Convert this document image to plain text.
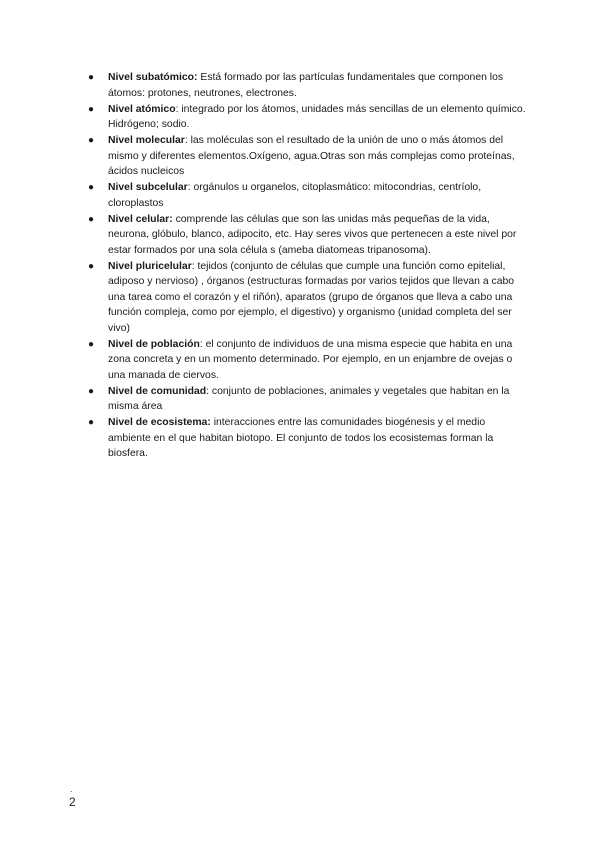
● Nivel subatómico: Está formado por las partículas fundamentales que componen los átomos: protones, neutrones, electrones.
● Nivel atómico: integrado por los átomos, unidades más sencillas de un elemento químico. Hidrógeno; sodio.
● Nivel molecular: las moléculas son el resultado de la unión de uno o más átomos del mismo y diferentes elementos.Oxígeno, agua.Otras son más complejas como proteínas, ácidos nucleicos
● Nivel subcelular: orgánulos u organelos, citoplasmático: mitocondrias, centríolo, cloroplastos
● Nivel celular: comprende las células que son las unidas más pequeñas de la vida, neurona, glóbulo, blanco, adipocito, etc. Hay seres vivos que pertenecen a este nivel por estar formados por una sola célula s (ameba diatomeas tripanosoma).
● Nivel pluricelular: tejidos (conjunto de células que cumple una función como epitelial, adiposo y nervioso) , órganos (estructuras formadas por varios tejidos que llevan a cabo una tarea como el corazón y el riñón), aparatos (grupo de órganos que lleva a cabo una función compleja, como por ejemplo, el digestivo) y organismo (unidad completa del ser vivo)
● Nivel de población: el conjunto de individuos de una misma especie que habita en una zona concreta y en un momento determinado. Por ejemplo, en un enjambre de ovejas o una manada de ciervos.
● Nivel de comunidad: conjunto de poblaciones, animales y vegetales que habitan en la misma área
● Nivel de ecosistema: interacciones entre las comunidades biogénesis y el medio ambiente en el que habitan biotopo. El conjunto de todos los ecosistemas forman la biosfera.
.
2
